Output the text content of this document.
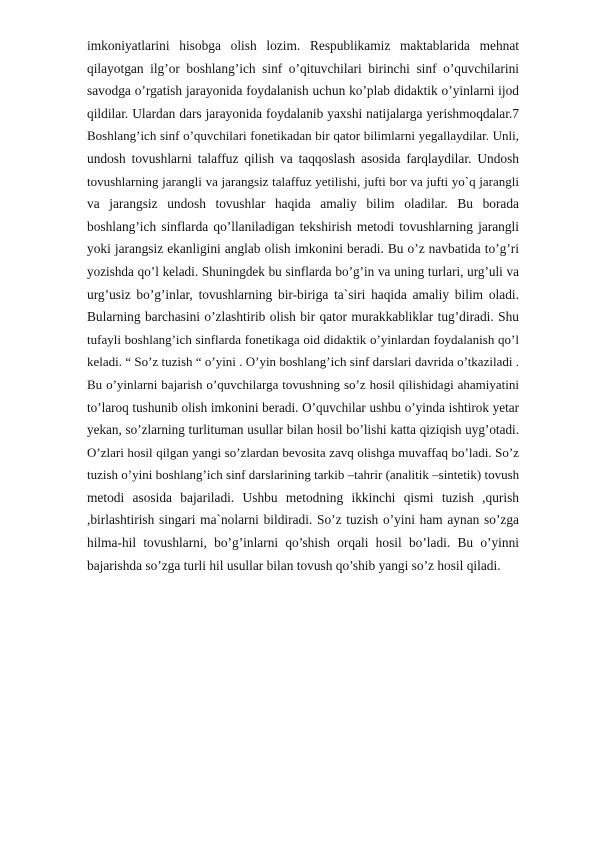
imkoniyatlarini hisobga olish lozim. Respublikamiz maktablarida mehnat
qilayotgan ilg’or boshlang’ich sinf o’qituvchilari birinchi sinf o’quvchilarini
savodga o’rgatish jarayonida foydalanish uchun ko’plab didaktik o’yinlarni ijod
qildilar. Ulardan dars jarayonida foydalanib yaxshi natijalarga yerishmoqdalar.7
Boshlang’ich sinf o’quvchilari fonetikadan bir qator bilimlarni yegallaydilar. Unli,
undosh tovushlarni talaffuz qilish va taqqoslash asosida farqlaydilar. Undosh
tovushlarning jarangli va jarangsiz talaffuz yetilishi, jufti bor va jufti yo`q jarangli
va jarangsiz undosh tovushlar haqida amaliy bilim oladilar. Bu borada
boshlang’ich sinflarda qo’llaniladigan tekshirish metodi tovushlarning jarangli
yoki jarangsiz ekanligini anglab olish imkonini beradi. Bu o’z navbatida to’g’ri
yozishda qo’l keladi. Shuningdek bu sinflarda bo’g’in va uning turlari, urg’uli va
urg’usiz bo’g’inlar, tovushlarning bir-biriga ta`siri haqida amaliy bilim oladi.
Bularning barchasini o’zlashtirib olish bir qator murakkabliklar tug’diradi. Shu
tufayli boshlang’ich sinflarda fonetikaga oid didaktik o’yinlardan foydalanish qo’l
keladi. “ So’z tuzish “ o’yini . O’yin boshlang’ich sinf darslari davrida o’tkaziladi .
Bu o’yinlarni bajarish o’quvchilarga tovushning so’z hosil qilishidagi ahamiyatini
to’laroq tushunib olish imkonini beradi. O’quvchilar ushbu o’yinda ishtirok yetar
yekan, so’zlarning turlituman usullar bilan hosil bo’lishi katta qiziqish uyg’otadi.
O’zlari hosil qilgan yangi so’zlardan bevosita zavq olishga muvaffaq bo’ladi. So’z
tuzish o’yini boshlang’ich sinf darslarining tarkib –tahrir (analitik –sintetik) tovush
metodi asosida bajariladi. Ushbu metodning ikkinchi qismi tuzish ,qurish
,birlashtirish singari ma`nolarni bildiradi. So’z tuzish o’yini ham aynan so’zga
hilma-hil tovushlarni, bo’g’inlarni qo’shish orqali hosil bo’ladi. Bu o’yinni
bajarishda so’zga turli hil usullar bilan tovush qo’shib yangi so’z hosil qiladi.
